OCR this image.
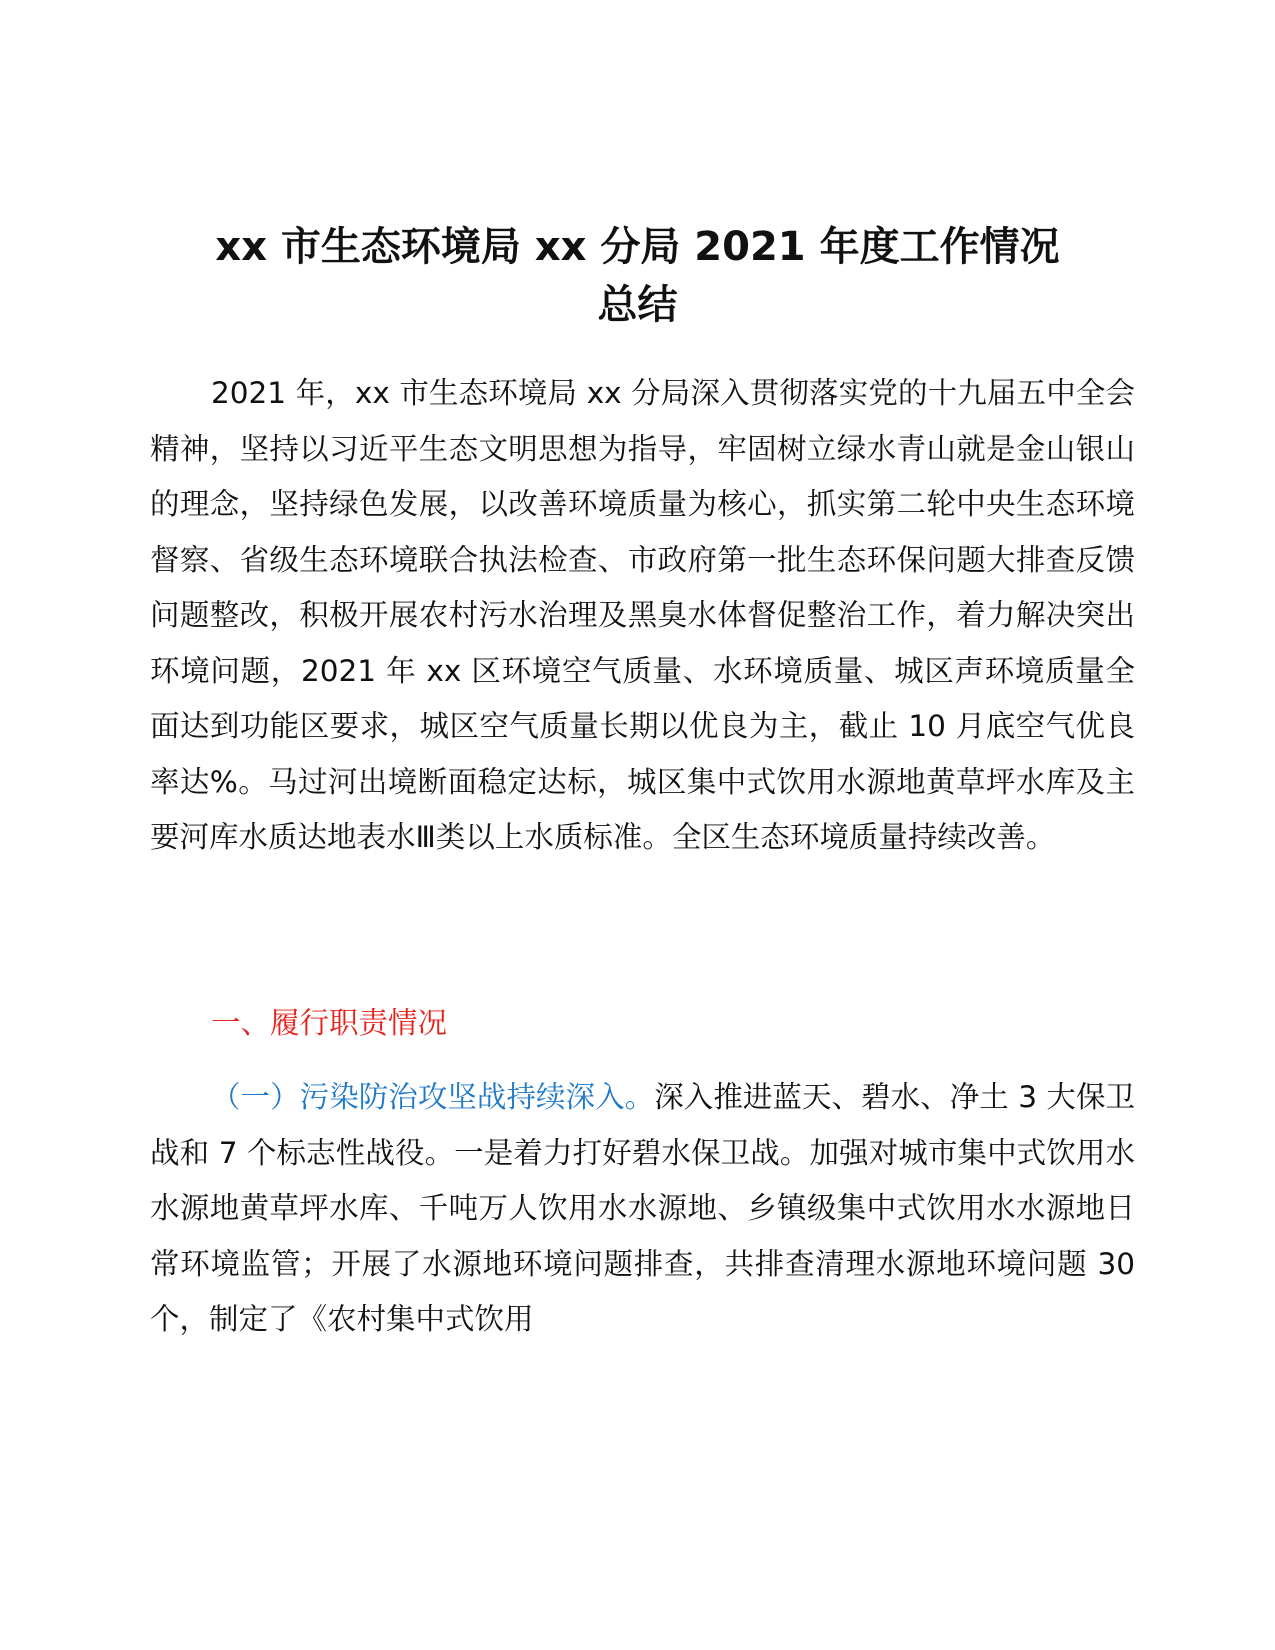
xx 市生态环境局 xx 分局 2021 年度工作情况
总结
2021 年，xx 市生态环境局 xx 分局深入贯彻落实党的十九届五中全会精神，坚持以习近平生态文明思想为指导，牢固树立绿水青山就是金山银山的理念，坚持绿色发展，以改善环境质量为核心，抓实第二轮中央生态环境督察、省级生态环境联合执法检查、市政府第一批生态环保问题大排查反馈问题整改，积极开展农村污水治理及黑臭水体督促整治工作，着力解决突出环境问题，2021 年 xx 区环境空气质量、水环境质量、城区声环境质量全面达到功能区要求，城区空气质量长期以优良为主，截止 10 月底空气优良率达%。马过河出境断面稳定达标，城区集中式饮用水源地黄草坪水库及主要河库水质达地表水Ⅲ类以上水质标准。全区生态环境质量持续改善。
一、履行职责情况
（一）污染防治攻坚战持续深入。深入推进蓝天、碧水、净土 3 大保卫战和 7 个标志性战役。一是着力打好碧水保卫战。加强对城市集中式饮用水水源地黄草坪水库、千吨万人饮用水水源地、乡镇级集中式饮用水水源地日常环境监管；开展了水源地环境问题排查，共排查清理水源地环境问题 30 个，制定了《农村集中式饮用
